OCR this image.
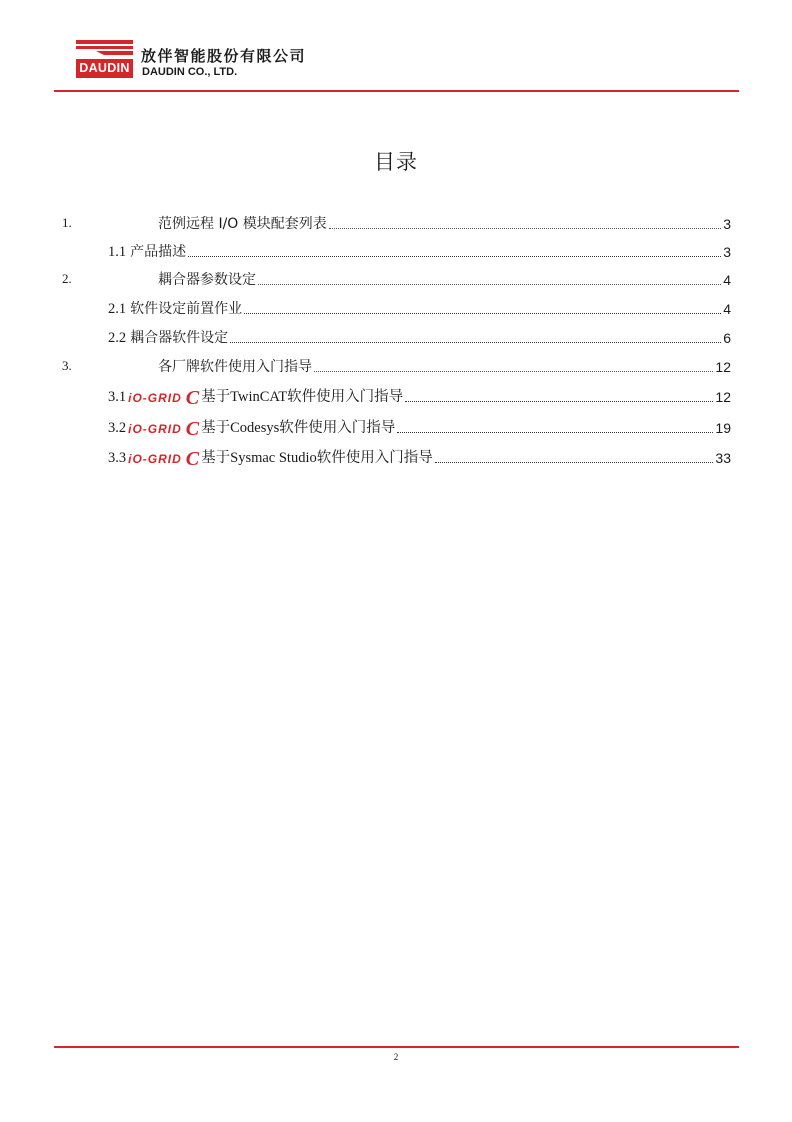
DAUDIN
放伴智能股份有限公司
DAUDIN CO., LTD.
目录
1.	范例远程 I/O 模块配套列表	3
1.1 产品描述	3
2.	耦合器参数设定	4
2.1 软件设定前置作业	4
2.2 耦合器软件设定	6
3.	各厂牌软件使用入门指导	12
3.1 iO-GRID C 基于TwinCAT软件使用入门指导	12
3.2 iO-GRID C 基于Codesys软件使用入门指导	19
3.3 iO-GRID C 基于Sysmac Studio软件使用入门指导	33
2
